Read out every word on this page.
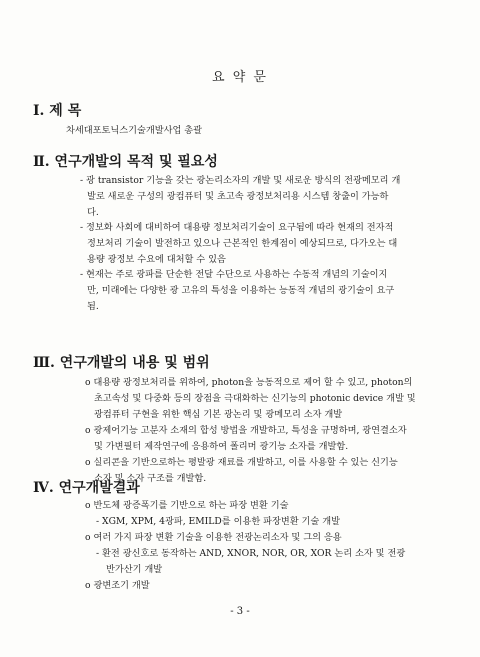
요 약 문
Ⅰ. 제 목
차세대포토닉스기술개발사업 총괄
Ⅱ. 연구개발의 목적 및 필요성
- 광 transistor 기능을 갖는 광논리소자의 개발 및 새로운 방식의 전광메모리 개
발로 새로운 구성의 광컴퓨터 및 초고속 광정보처리용 시스템 창출이 가능하
다.
- 정보화 사회에 대비하여 대용량 정보처리기술이 요구됨에 따라 현재의 전자적
정보처리 기술이 발전하고 있으나 근본적인 한계점이 예상되므로, 다가오는 대
용량 광정보 수요에 대처할 수 있음
- 현재는 주로 광파를 단순한 전달 수단으로 사용하는 수동적 개념의 기술이지
만, 미래에는 다양한 광 고유의 특성을 이용하는 능동적 개념의 광기술이 요구
됨.
Ⅲ. 연구개발의 내용 및 범위
o 대용량 광정보처리를 위하여, photon을 능동적으로 제어 할 수 있고, photon의
초고속성 및 다중화 등의 장점을 극대화하는 신기능의 photonic device 개발 및
광컴퓨터 구현을 위한 핵심 기본 광논리 및 광메모리 소자 개발
o 광제어기능 고분자 소재의 합성 방법을 개발하고, 특성을 규명하며, 광연결소자
및 가변필터 제작연구에 응용하여 폴리머 광기능 소자를 개발함.
o 실리콘을 기반으로하는 평발광 재료를 개발하고, 이를 사용할 수 있는 신기능
소자 및 소자 구조를 개발함.
Ⅳ. 연구개발결과
o 반도체 광증폭기를 기반으로 하는 파장 변환 기술
- XGM, XPM, 4광파, EMILD를 이용한 파장변환 기술 개발
o 여러 가지 파장 변환 기술을 이용한 전광논리소자 및 그의 응용
- 환전 광신호로 동작하는 AND, XNOR, NOR, OR, XOR 논리 소자 및 전광
반가산기 개발
o 광변조기 개발
- 3 -
